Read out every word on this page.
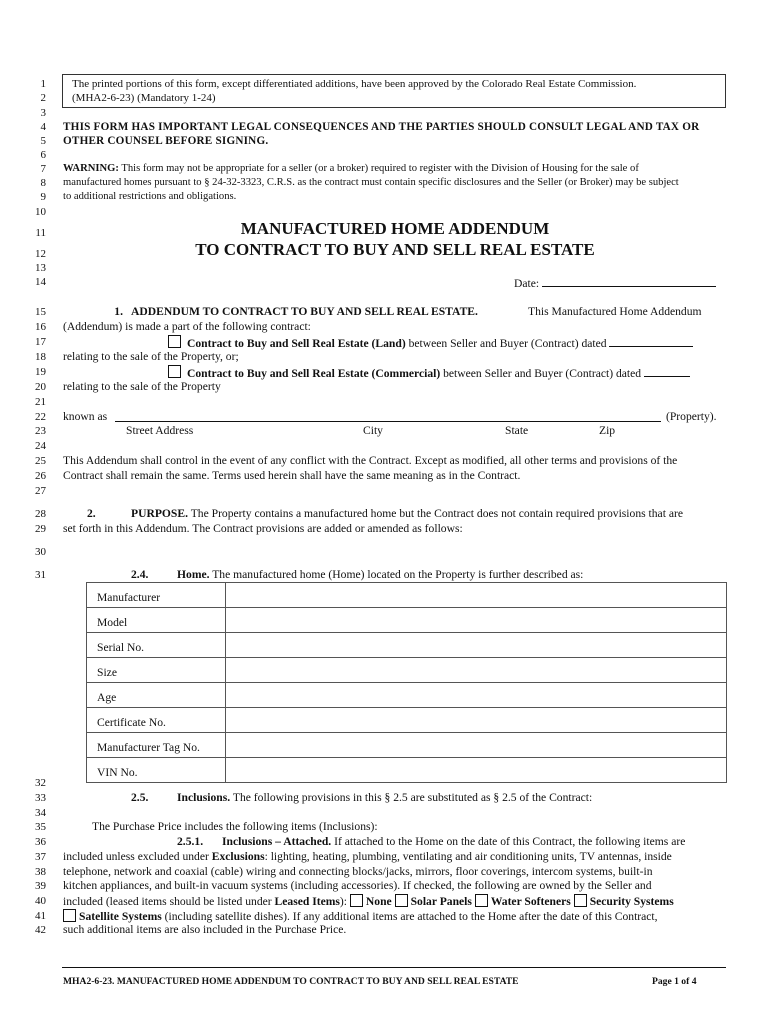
1
2
3
4
5
6
7
8
9
10
11
12
13
14
15
16
17
18
19
20
21
22
23
24
25
26
27
28
29
30
31
32
33
34
35
36
37
38
39
40
41
42
The printed portions of this form, except differentiated additions, have been approved by the Colorado Real Estate Commission.
(MHA2-6-23) (Mandatory 1-24)
THIS FORM HAS IMPORTANT LEGAL CONSEQUENCES AND THE PARTIES SHOULD CONSULT LEGAL AND TAX OR
OTHER COUNSEL BEFORE SIGNING.
WARNING: This form may not be appropriate for a seller (or a broker) required to register with the Division of Housing for the sale of
manufactured homes pursuant to § 24-32-3323, C.R.S. as the contract must contain specific disclosures and the Seller (or Broker) may be subject
to additional restrictions and obligations.
MANUFACTURED HOME ADDENDUM
TO CONTRACT TO BUY AND SELL REAL ESTATE
Date:
1. ADDENDUM TO CONTRACT TO BUY AND SELL REAL ESTATE.	This Manufactured Home Addendum
(Addendum) is made a part of the following contract:
Contract to Buy and Sell Real Estate (Land) between Seller and Buyer (Contract) dated
relating to the sale of the Property, or;
Contract to Buy and Sell Real Estate (Commercial) between Seller and Buyer (Contract) dated
relating to the sale of the Property
known as	(Property).
Street Address	City	State	Zip
This Addendum shall control in the event of any conflict with the Contract. Except as modified, all other terms and provisions of the
Contract shall remain the same. Terms used herein shall have the same meaning as in the Contract.
2.	PURPOSE. The Property contains a manufactured home but the Contract does not contain required provisions that are
set forth in this Addendum. The Contract provisions are added or amended as follows:
2.4. Home. The manufactured home (Home) located on the Property is further described as:
Manufacturer	
Model	
Serial No.	
Size	
Age	
Certificate No.	
Manufacturer Tag No.	
VIN No.	
2.5. Inclusions. The following provisions in this § 2.5 are substituted as § 2.5 of the Contract:
The Purchase Price includes the following items (Inclusions):
2.5.1. Inclusions – Attached. If attached to the Home on the date of this Contract, the following items are
included unless excluded under Exclusions: lighting, heating, plumbing, ventilating and air conditioning units, TV antennas, inside
telephone, network and coaxial (cable) wiring and connecting blocks/jacks, mirrors, floor coverings, intercom systems, built-in
kitchen appliances, and built-in vacuum systems (including accessories). If checked, the following are owned by the Seller and
included (leased items should be listed under Leased Items): None Solar Panels Water Softeners Security Systems
Satellite Systems (including satellite dishes). If any additional items are attached to the Home after the date of this Contract,
such additional items are also included in the Purchase Price.
MHA2-6-23. MANUFACTURED HOME ADDENDUM TO CONTRACT TO BUY AND SELL REAL ESTATE	Page 1 of 4
